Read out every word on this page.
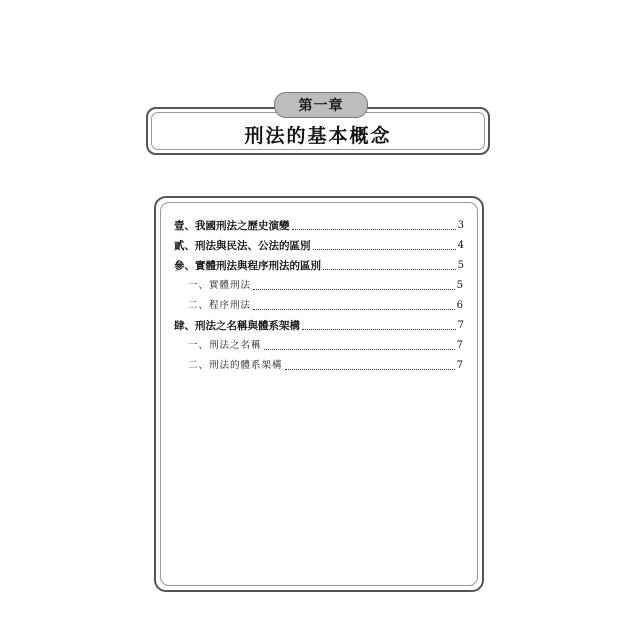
第一章
刑法的基本概念
壹、我國刑法之歷史演變	3
貳、刑法與民法、公法的區別	4
參、實體刑法與程序刑法的區別	5
一、實體刑法	5
二、程序刑法	6
肆、刑法之名稱與體系架構	7
一、刑法之名稱	7
二、刑法的體系架構	7
